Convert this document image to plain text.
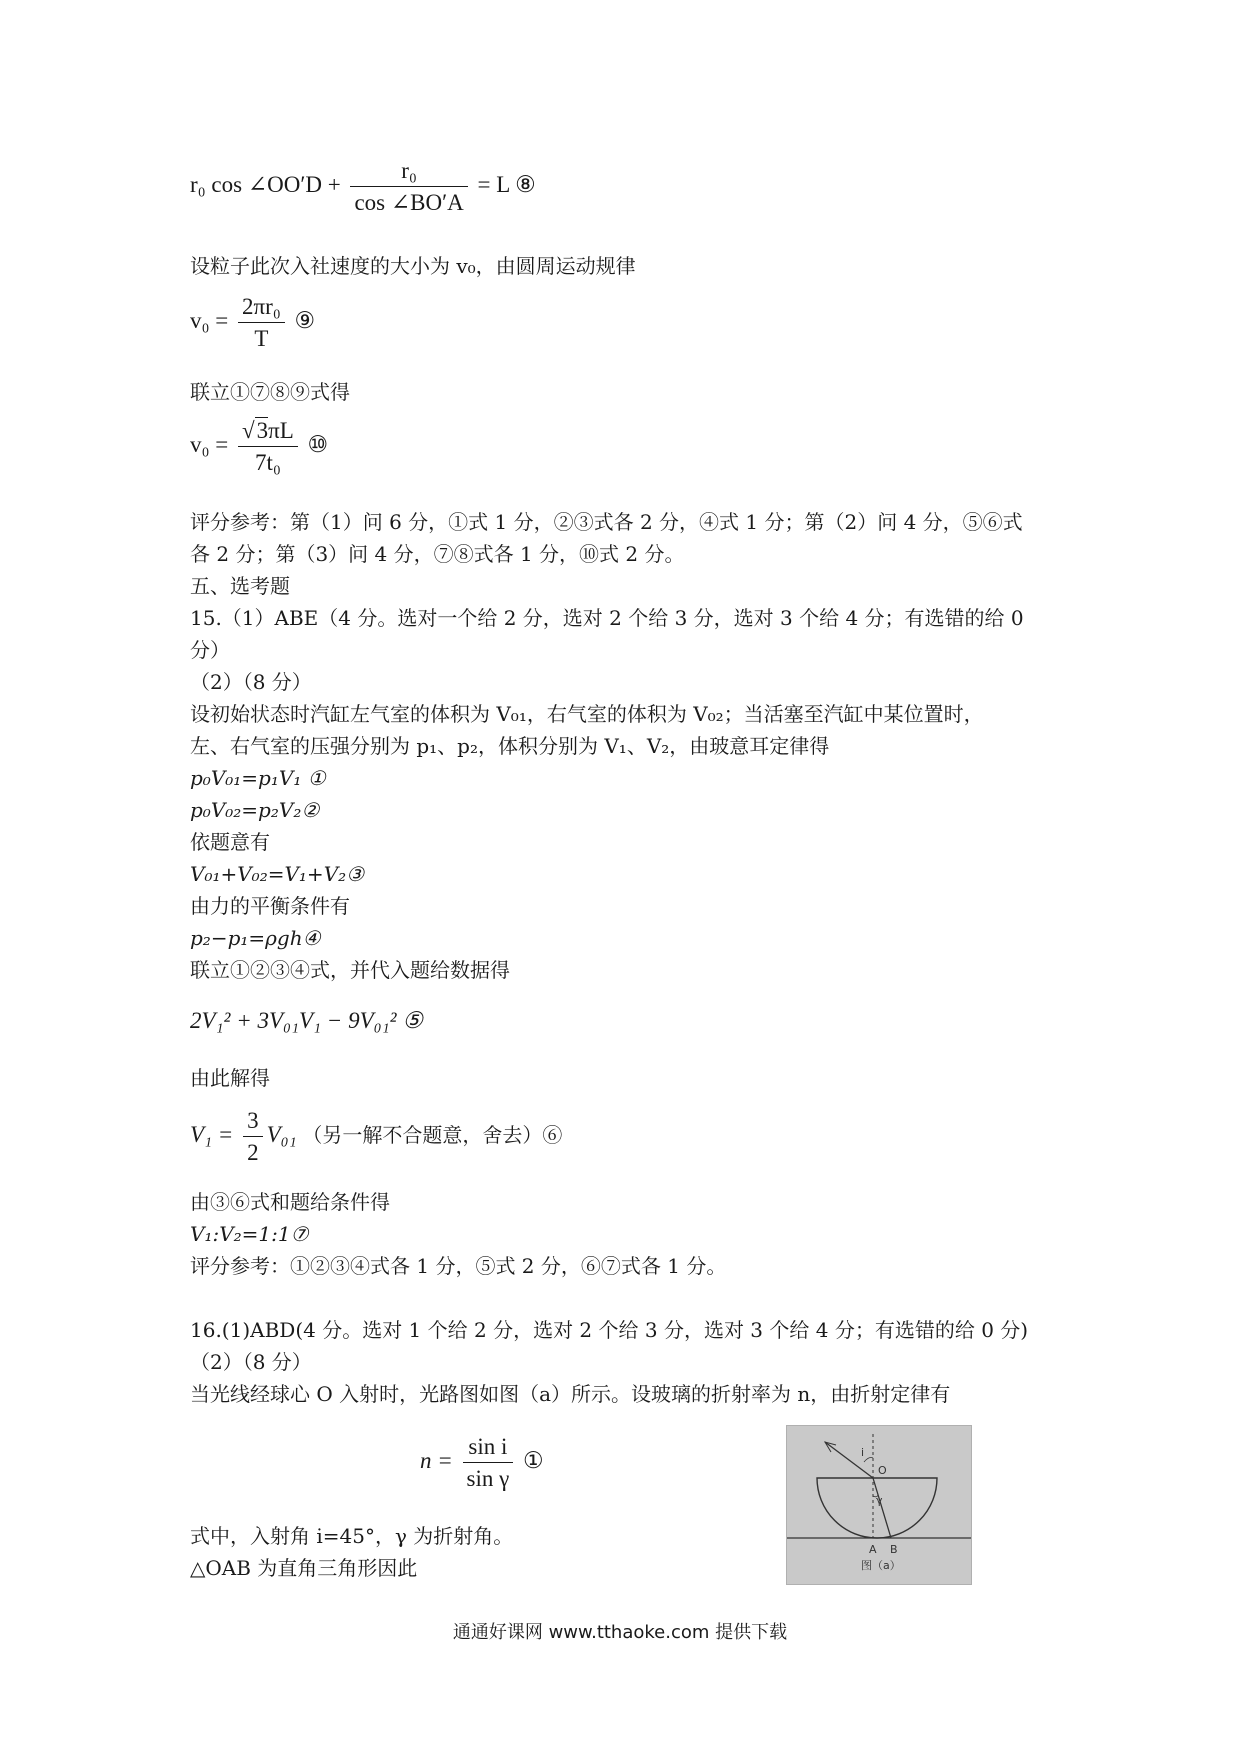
r₀ cos ∠OO′D + $\frac{\text{r₀}}{\cos \angle BO'A} = L$ ⑧
设粒子此次入社速度的大小为 v₀，由圆周运动规律
$v_0 = \frac{\text{2πr₀}}{T}$ ⑨
联立①⑦⑧⑨式得
$v_0 = \frac{√3\pi L}{\text{7t₀}}$ ⑩
评分参考：第（1）问 6 分，①式 1 分，②③式各 2 分，④式 1 分；第（2）问 4 分，⑤⑥式
各 2 分；第（3）问 4 分，⑦⑧式各 1 分，⑩式 2 分。
五、选考题
15.（1）ABE（4 分。选对一个给 2 分，选对 2 个给 3 分，选对 3 个给 4 分；有选错的给 0
分）
（2）（8 分）
设初始状态时汽缸左气室的体积为 V₀₁，右气室的体积为 V₀₂；当活塞至汽缸中某位置时，
左、右气室的压强分别为 p₁、p₂，体积分别为 V₁、V₂，由玻意耳定律得
p₀V₀₁=p₁V₁ ①
p₀V₀₂=p₂V₂②
依题意有
V₀₁+V₀₂=V₁+V₂③
由力的平衡条件有
p₂−p₁=ρgh④
联立①②③④式，并代入题给数据得
2V₁² + 3V₀₁V₁ − 9V₀₁² ⑤
由此解得
$V_1 = \frac{3}{2} V_{01}$ （另一解不合题意，舍去）⑥
由③⑥式和题给条件得
V₁:V₂=1:1⑦
评分参考：①②③④式各 1 分，⑤式 2 分，⑥⑦式各 1 分。
16.(1)ABD(4 分。选对 1 个给 2 分，选对 2 个给 3 分，选对 3 个给 4 分；有选错的给 0 分)
（2）（8 分）
当光线经球心 O 入射时，光路图如图（a）所示。设玻璃的折射率为 n，由折射定律有
$n = \frac{\text{sin i}}{\text{sin γ}}$ ①
式中，入射角 i=45°，γ 为折射角。
△OAB 为直角三角形因此
i
O
γ
A B
图（a）
通通好课网 www.tthaoke.com 提供下载
